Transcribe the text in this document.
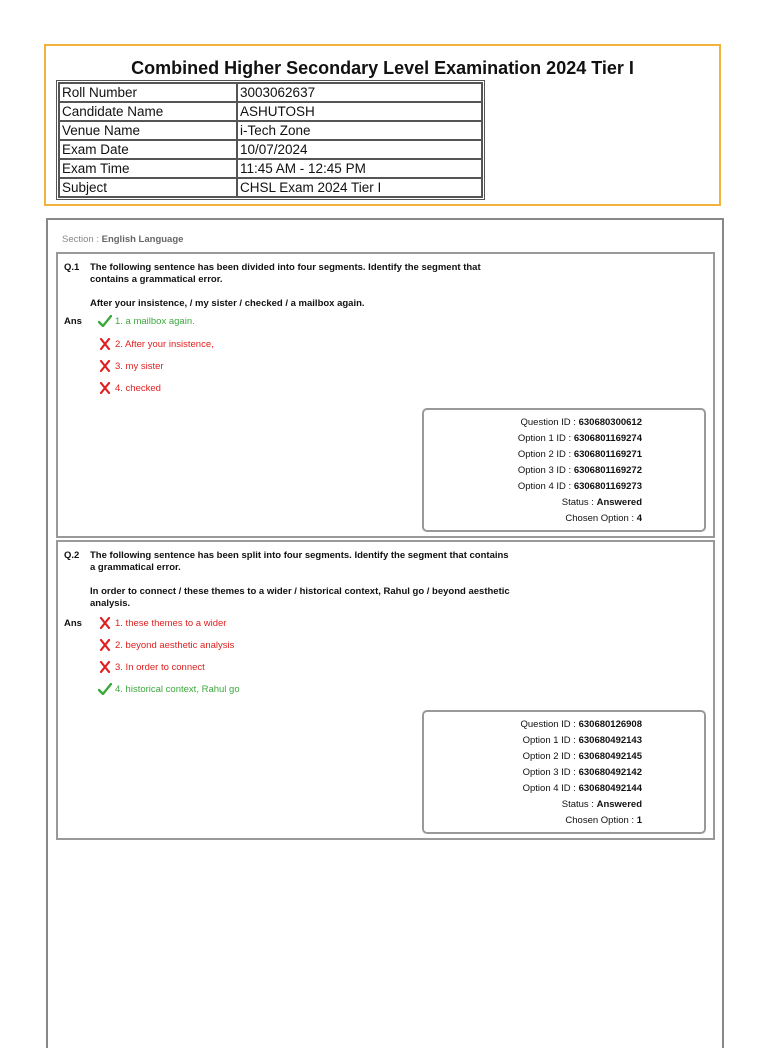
Combined Higher Secondary Level Examination 2024 Tier I
Roll Number	3003062637
Candidate Name	ASHUTOSH
Venue Name	i-Tech Zone
Exam Date	10/07/2024
Exam Time	11:45 AM - 12:45 PM
Subject	CHSL Exam 2024 Tier I
Section : English Language
Q.1 The following sentence has been divided into four segments. Identify the segment that contains a grammatical error.
After your insistence, / my sister / checked / a mailbox again.
Ans	1. a mailbox again.
2. After your insistence,
3. my sister
4. checked
Question ID : 630680300612
Option 1 ID : 6306801169274
Option 2 ID : 6306801169271
Option 3 ID : 6306801169272
Option 4 ID : 6306801169273
Status : Answered
Chosen Option : 4
Q.2 The following sentence has been split into four segments. Identify the segment that contains a grammatical error.
In order to connect / these themes to a wider / historical context, Rahul go / beyond aesthetic analysis.
Ans	1. these themes to a wider
2. beyond aesthetic analysis
3. In order to connect
4. historical context, Rahul go
Question ID : 630680126908
Option 1 ID : 630680492143
Option 2 ID : 630680492145
Option 3 ID : 630680492142
Option 4 ID : 630680492144
Status : Answered
Chosen Option : 1
